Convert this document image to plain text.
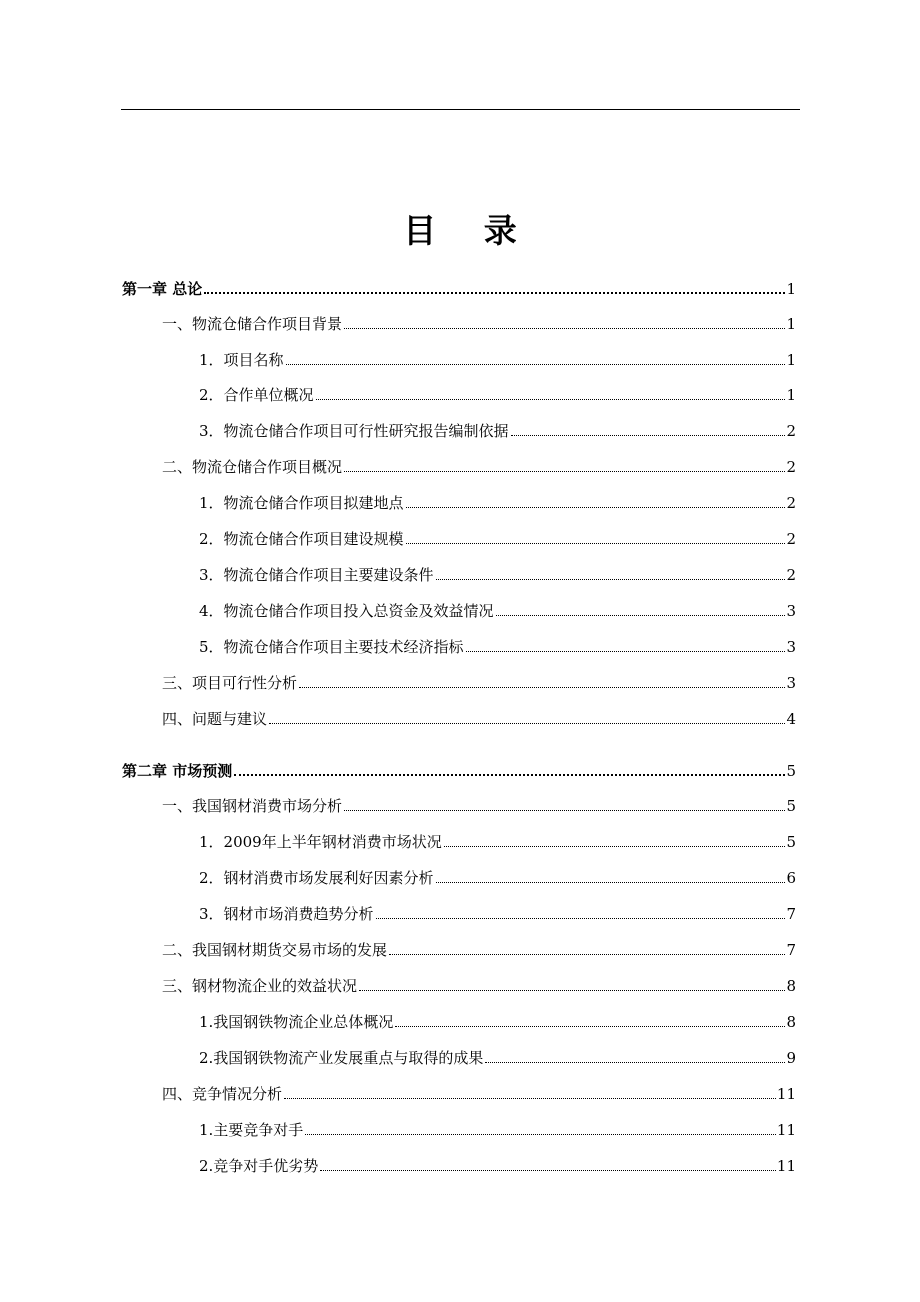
目 录
第一章 总论	1
一、物流仓储合作项目背景	1
1．项目名称	1
2．合作单位概况	1
3．物流仓储合作项目可行性研究报告编制依据	2
二、物流仓储合作项目概况	2
1．物流仓储合作项目拟建地点	2
2．物流仓储合作项目建设规模	2
3．物流仓储合作项目主要建设条件	2
4．物流仓储合作项目投入总资金及效益情况	3
5．物流仓储合作项目主要技术经济指标	3
三、项目可行性分析	3
四、问题与建议	4
第二章 市场预测	5
一、我国钢材消费市场分析	5
1．2009年上半年钢材消费市场状况	5
2．钢材消费市场发展利好因素分析	6
3．钢材市场消费趋势分析	7
二、我国钢材期货交易市场的发展	7
三、钢材物流企业的效益状况	8
1.我国钢铁物流企业总体概况	8
2.我国钢铁物流产业发展重点与取得的成果	9
四、竞争情况分析	11
1.主要竞争对手	11
2.竞争对手优劣势	11
